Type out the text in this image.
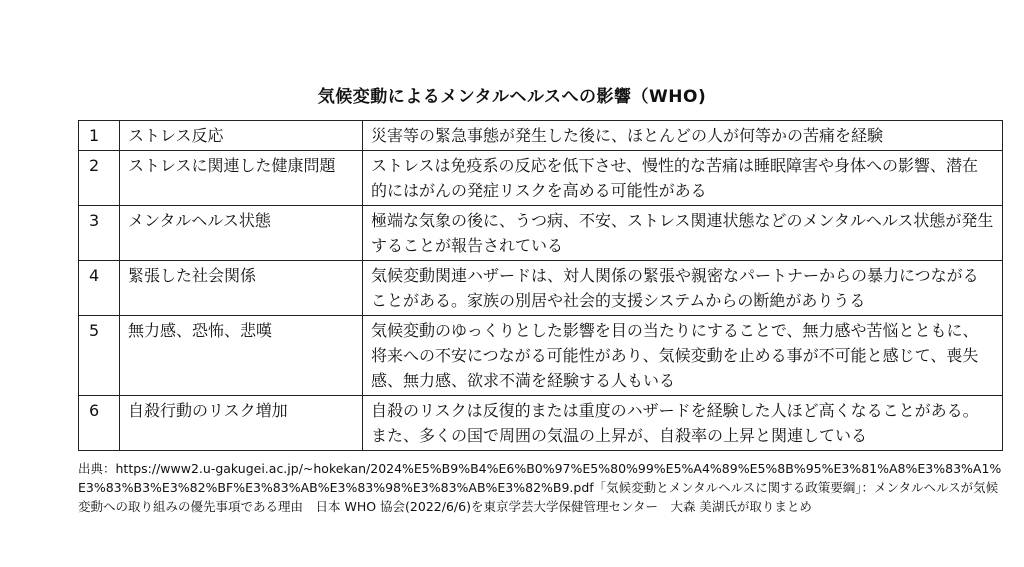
気候変動によるメンタルヘルスへの影響（WHO)
1	ストレス反応	災害等の緊急事態が発生した後に、ほとんどの人が何等かの苦痛を経験
2	ストレスに関連した健康問題	ストレスは免疫系の反応を低下させ、慢性的な苦痛は睡眠障害や身体への影響、潜在的にはがんの発症リスクを高める可能性がある
3	メンタルヘルス状態	極端な気象の後に、うつ病、不安、ストレス関連状態などのメンタルヘルス状態が発生することが報告されている
4	緊張した社会関係	気候変動関連ハザードは、対人関係の緊張や親密なパートナーからの暴力につながることがある。家族の別居や社会的支援システムからの断絶がありうる
5	無力感、恐怖、悲嘆	気候変動のゆっくりとした影響を目の当たりにすることで、無力感や苦悩とともに、将来への不安につながる可能性があり、気候変動を止める事が不可能と感じて、喪失感、無力感、欲求不満を経験する人もいる
6	自殺行動のリスク増加	自殺のリスクは反復的または重度のハザードを経験した人ほど高くなることがある。また、多くの国で周囲の気温の上昇が、自殺率の上昇と関連している
出典：https://www2.u-gakugei.ac.jp/~hokekan/2024%E5%B9%B4%E6%B0%97%E5%80%99%E5%A4%89%E5%8B%95%E3%81%A8%E3%83%A1%E3%83%B3%E3%82%BF%E3%83%AB%E3%83%98%E3%83%AB%E3%82%B9.pdf「気候変動とメンタルヘルスに関する政策要綱」：メンタルヘルスが気候変動への取り組みの優先事項である理由　日本 WHO 協会(2022/6/6)を東京学芸大学保健管理センター　大森 美湖氏が取りまとめ
